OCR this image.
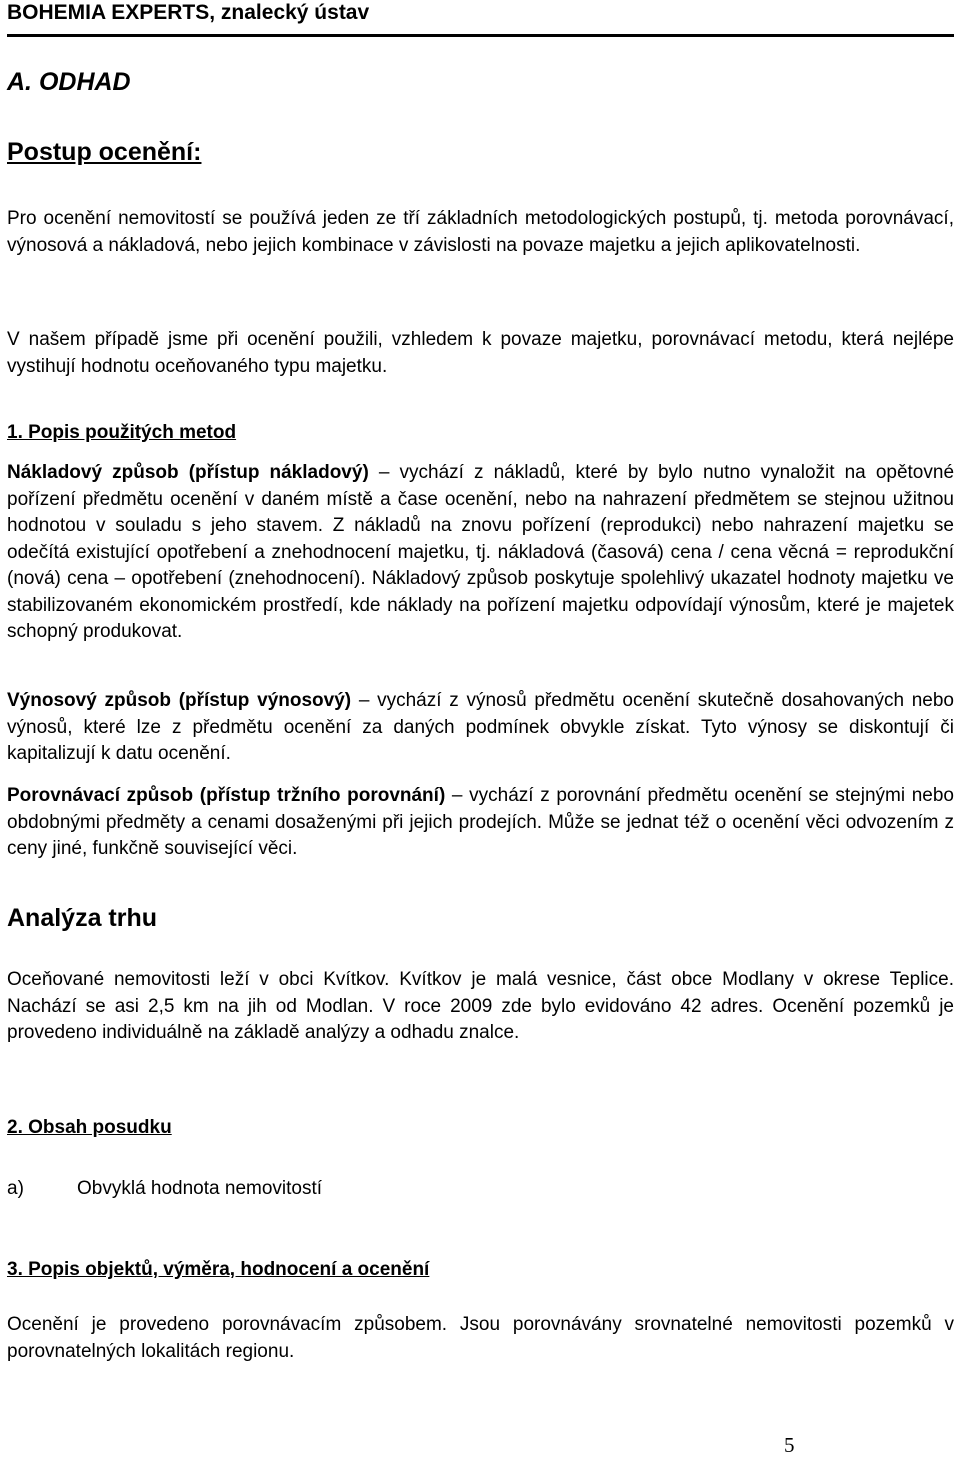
BOHEMIA EXPERTS, znalecký ústav
A. ODHAD
Postup ocenění:
Pro ocenění nemovitostí se používá jeden ze tří základních metodologických postupů, tj. metoda porovnávací, výnosová a nákladová, nebo jejich kombinace v závislosti na povaze majetku a jejich aplikovatelnosti.
V našem případě jsme při ocenění použili, vzhledem k povaze majetku, porovnávací metodu, která nejlépe vystihují hodnotu oceňovaného typu majetku.
1. Popis použitých metod
Nákladový způsob (přístup nákladový) – vychází z nákladů, které by bylo nutno vynaložit na opětovné pořízení předmětu ocenění v daném místě a čase ocenění, nebo na nahrazení předmětem se stejnou užitnou hodnotou v souladu s jeho stavem. Z nákladů na znovu pořízení (reprodukci) nebo nahrazení majetku se odečítá existující opotřebení a znehodnocení majetku, tj. nákladová (časová) cena / cena věcná = reprodukční (nová) cena – opotřebení (znehodnocení). Nákladový způsob poskytuje spolehlivý ukazatel hodnoty majetku ve stabilizovaném ekonomickém prostředí, kde náklady na pořízení majetku odpovídají výnosům, které je majetek schopný produkovat.
Výnosový způsob (přístup výnosový) – vychází z výnosů předmětu ocenění skutečně dosahovaných nebo výnosů, které lze z předmětu ocenění za daných podmínek obvykle získat. Tyto výnosy se diskontují či kapitalizují k datu ocenění.
Porovnávací způsob (přístup tržního porovnání) – vychází z porovnání předmětu ocenění se stejnými nebo obdobnými předměty a cenami dosaženými při jejich prodejích. Může se jednat též o ocenění věci odvozením z ceny jiné, funkčně související věci.
Analýza trhu
Oceňované nemovitosti leží v obci Kvítkov. Kvítkov je malá vesnice, část obce Modlany v okrese Teplice. Nachází se asi 2,5 km na jih od Modlan. V roce 2009 zde bylo evidováno 42 adres. Ocenění pozemků je provedeno individuálně na základě analýzy a odhadu znalce.
2. Obsah posudku
a)	Obvyklá hodnota nemovitostí
3. Popis objektů, výměra, hodnocení a ocenění
Ocenění je provedeno porovnávacím způsobem. Jsou porovnávány srovnatelné nemovitosti pozemků v porovnatelných lokalitách regionu.
5
